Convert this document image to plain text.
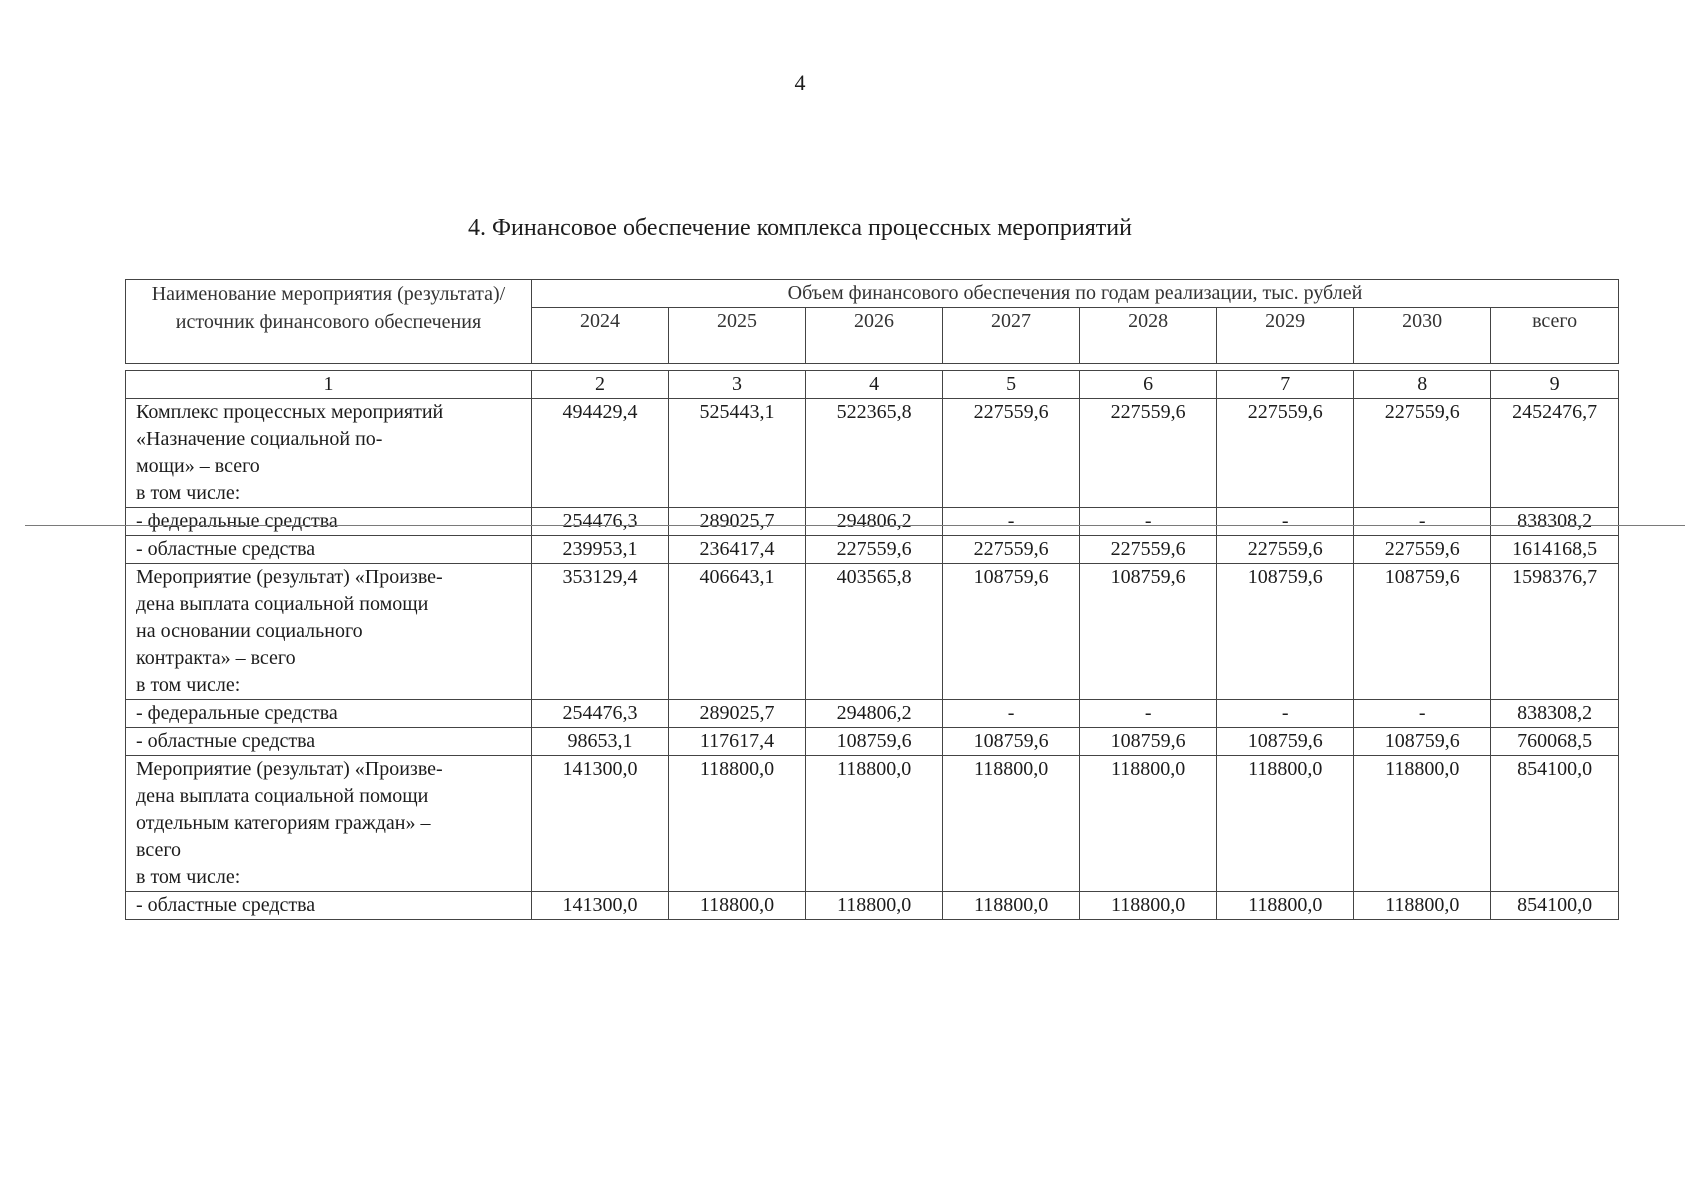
4
4. Финансовое обеспечение комплекса процессных мероприятий
Наименование мероприятия (результата)/ источник финансового обеспечения	Объем финансового обеспечения по годам реализации, тыс. рублей							
	2024	2025	2026	2027	2028	2029	2030	всего
1	2	3	4	5	6	7	8	9

Комплекс процессных мероприятий
«Назначение социальной по-
мощи» – всего
в том числе:	494429,4	525443,1	522365,8	227559,6	227559,6	227559,6	227559,6	2452476,7

- федеральные средства	254476,3	289025,7	294806,2	-	-	-	-	838308,2

- областные средства	239953,1	236417,4	227559,6	227559,6	227559,6	227559,6	227559,6	1614168,5

Мероприятие (результат) «Произве-
дена выплата социальной помощи
на основании социального
контракта» – всего
в том числе:	353129,4	406643,1	403565,8	108759,6	108759,6	108759,6	108759,6	1598376,7

- федеральные средства	254476,3	289025,7	294806,2	-	-	-	-	838308,2

- областные средства	98653,1	117617,4	108759,6	108759,6	108759,6	108759,6	108759,6	760068,5

Мероприятие (результат) «Произве-
дена выплата социальной помощи
отдельным категориям граждан» –
всего
в том числе:	141300,0	118800,0	118800,0	118800,0	118800,0	118800,0	118800,0	854100,0

- областные средства	141300,0	118800,0	118800,0	118800,0	118800,0	118800,0	118800,0	854100,0
